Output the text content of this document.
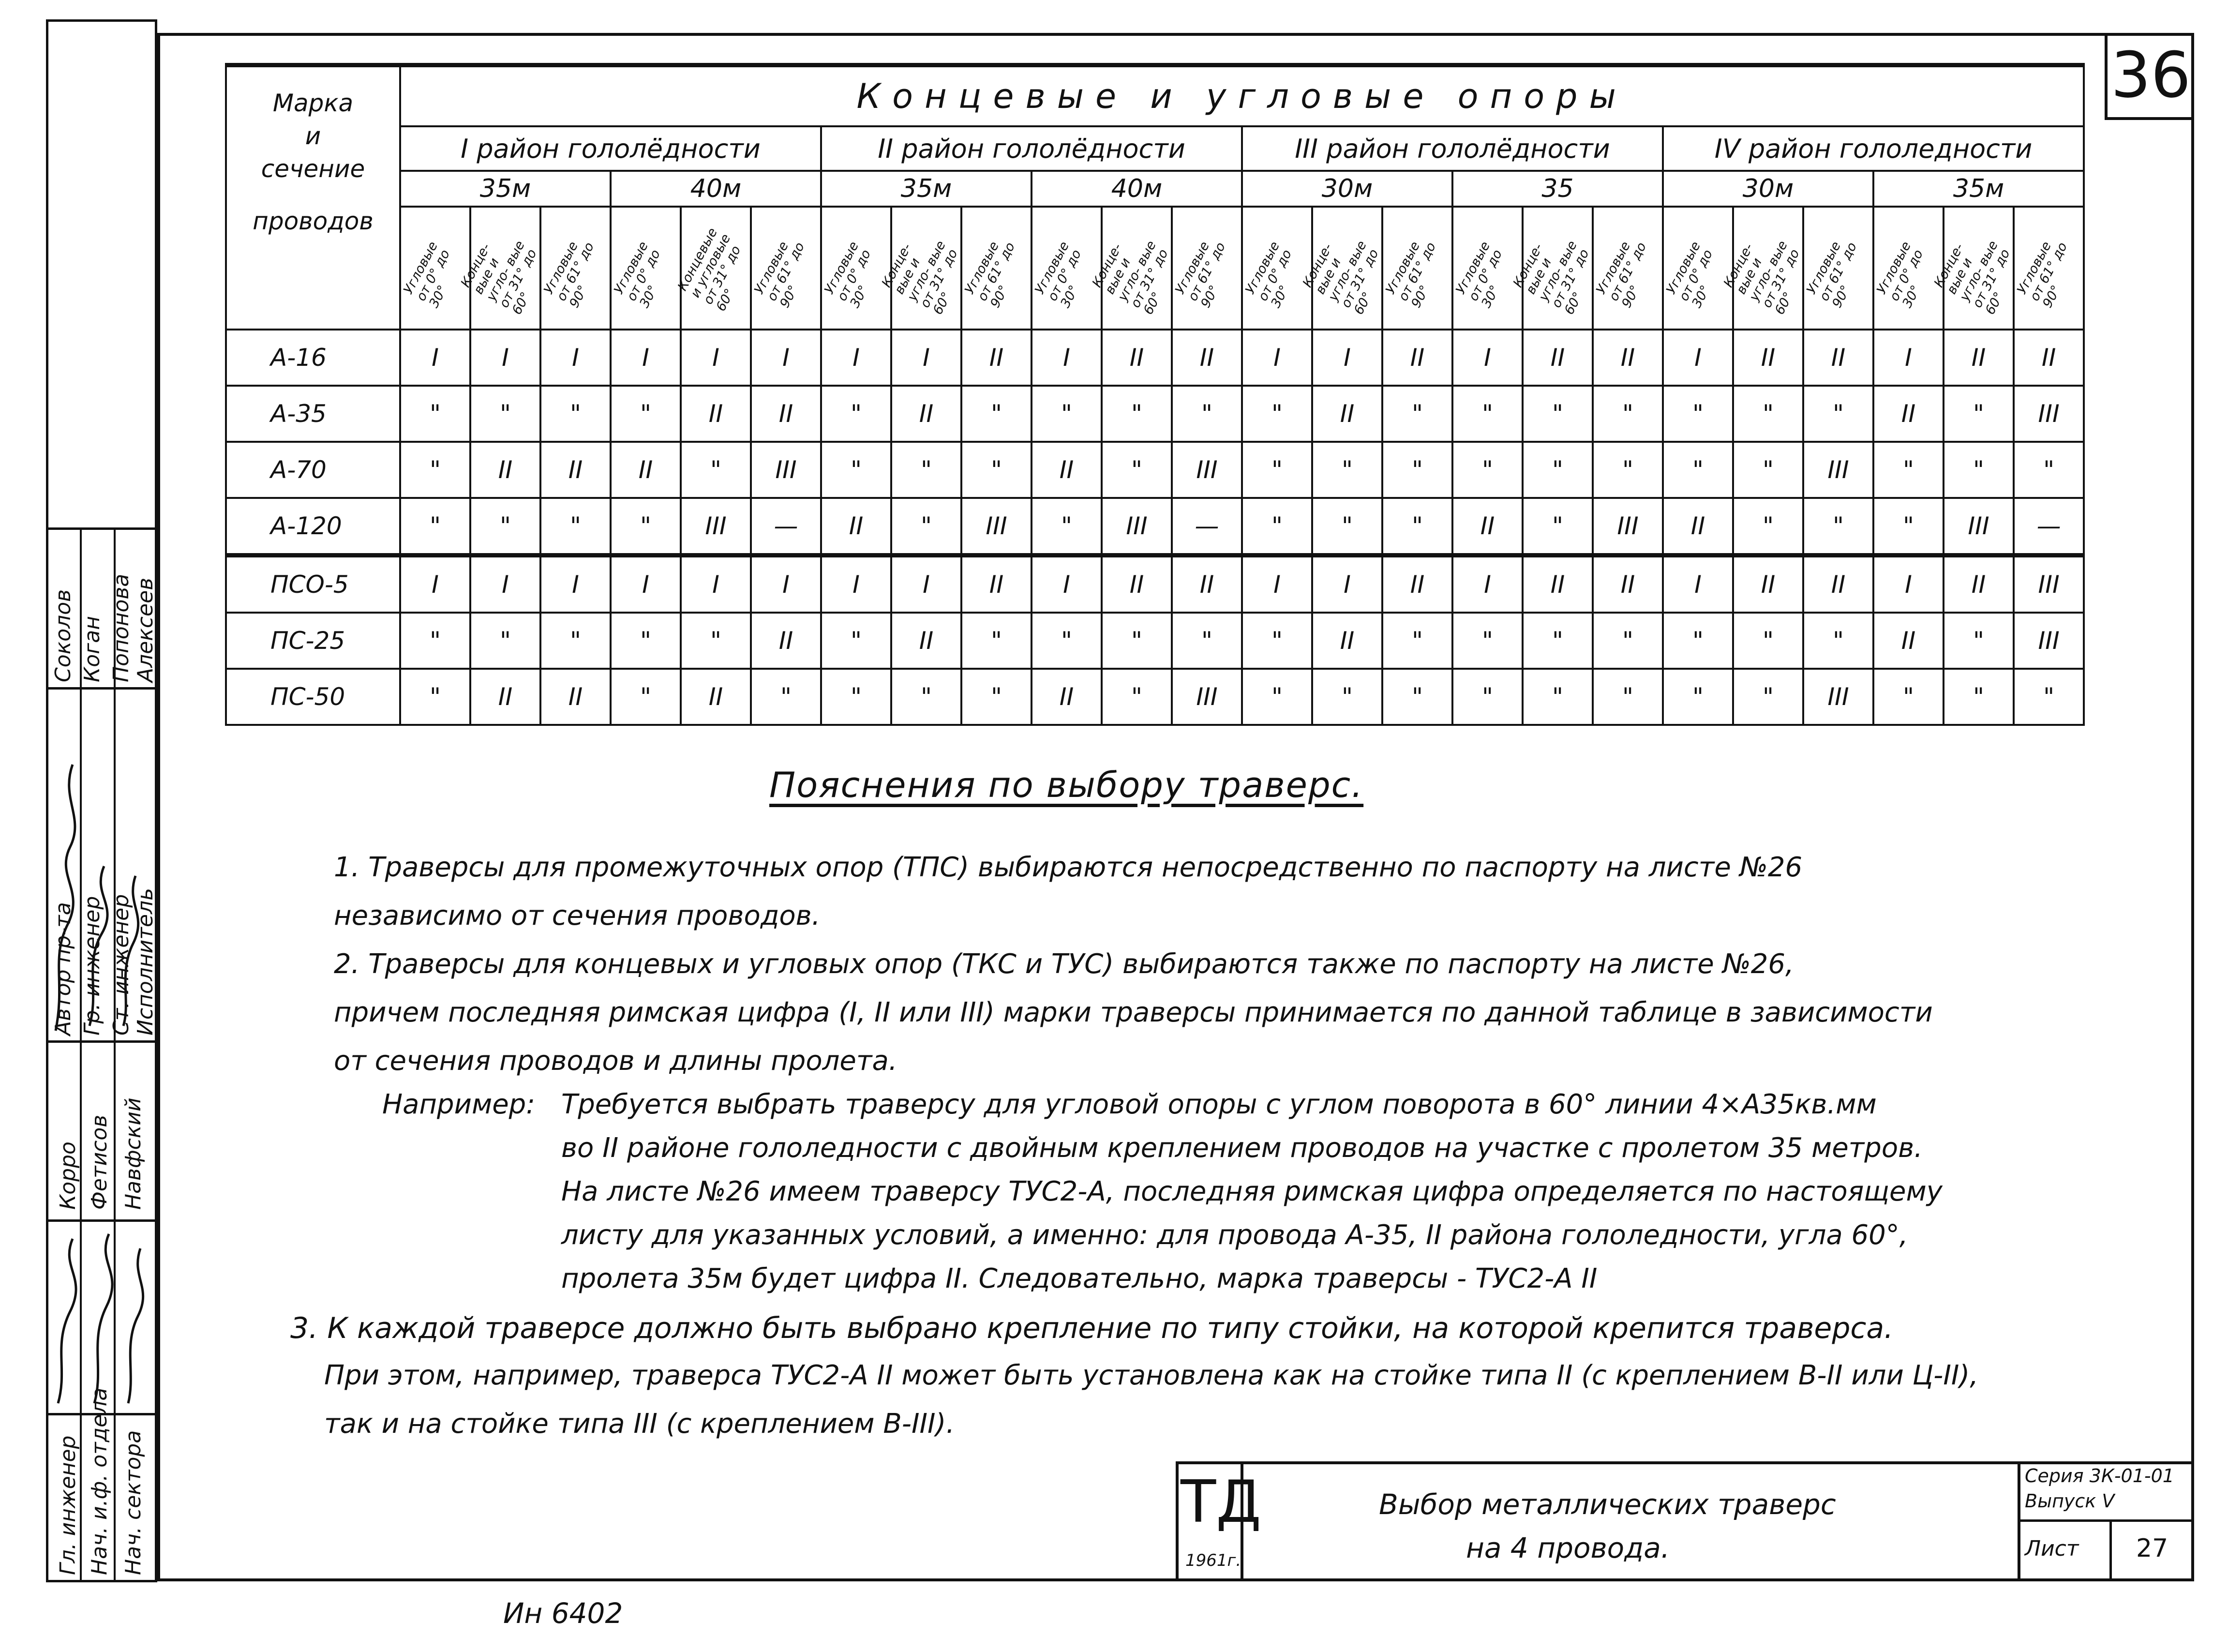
36
Соколов Коган Попонова Алексеев
Автор пр-та Гр. инженер Ст. инженер Исполнитель
Корро Фетисов Навфский
Гл. инженер Нач. и.ф. отдела Нач. сектора
Марка
и
сечение
проводов	Концевые и угловые опоры																							
	I район гололёдности						II район гололёдности						III район гололёдности						IV район гололедности					
	35м			40м			35м			40м			30м			35			30м			35м		
	Угловые от 0° до 30°	Конце- вые и угло- вые от 31° до 60°	Угловые от 61° до 90°	Угловые от 0° до 30°	Концевые и угловые от 31° до 60°	Угловые от 61° до 90°	Угловые от 0° до 30°	Конце- вые и угло- вые от 31° до 60°	Угловые от 61° до 90°	Угловые от 0° до 30°	Конце- вые и угло- вые от 31° до 60°	Угловые от 61° до 90°	Угловые от 0° до 30°	Конце- вые и угло- вые от 31° до 60°	Угловые от 61° до 90°	Угловые от 0° до 30°	Конце- вые и угло- вые от 31° до 60°	Угловые от 61° до 90°	Угловые от 0° до 30°	Конце- вые и угло- вые от 31° до 60°	Угловые от 61° до 90°	Угловые от 0° до 30°	Конце- вые и угло- вые от 31° до 60°	Угловые от 61° до 90°
А-16	I	I	I	I	I	I	I	I	II	I	II	II	I	I	II	I	II	II	I	II	II	I	II	II
А-35	"	"	"	"	II	II	"	II	"	"	"	"	"	II	"	"	"	"	"	"	"	II	"	III
А-70	"	II	II	II	"	III	"	"	"	II	"	III	"	"	"	"	"	"	"	"	III	"	"	"
А-120	"	"	"	"	III	—	II	"	III	"	III	—	"	"	"	II	"	III	II	"	"	"	III	—
ПСО-5	I	I	I	I	I	I	I	I	II	I	II	II	I	I	II	I	II	II	I	II	II	I	II	III
ПС-25	"	"	"	"	"	II	"	II	"	"	"	"	"	II	"	"	"	"	"	"	"	II	"	III
ПС-50	"	II	II	"	II	"	"	"	"	II	"	III	"	"	"	"	"	"	"	"	III	"	"	"
Пояснения по выбору траверс.
1. Траверсы для промежуточных опор (ТПС) выбираются непосредственно по паспорту на листе №26
независимо от сечения проводов.
2. Траверсы для концевых и угловых опор (ТКС и ТУС) выбираются также по паспорту на листе №26,
причем последняя римская цифра (I, II или III) марки траверсы принимается по данной таблице в зависимости
от сечения проводов и длины пролета.
Например: Требуется выбрать траверсу для угловой опоры с углом поворота в 60° линии 4×А35кв.мм
во II районе гололедности с двойным креплением проводов на участке с пролетом 35 метров.
На листе №26 имеем траверсу ТУС2-А, последняя римская цифра определяется по настоящему
листу для указанных условий, а именно: для провода А-35, II района гололедности, угла 60°,
пролета 35м будет цифра II. Следовательно, марка траверсы - ТУС2-А II
3. К каждой траверсе должно быть выбрано крепление по типу стойки, на которой крепится траверса.
При этом, например, траверса ТУС2-А II может быть установлена как на стойке типа II (с креплением В-II или Ц-II),
так и на стойке типа III (с креплением В-III).
ТД
1961г.
Выбор металлических траверс
на 4 провода.
Серия 3К-01-01
Выпуск V
Лист 27
Ин 6402
